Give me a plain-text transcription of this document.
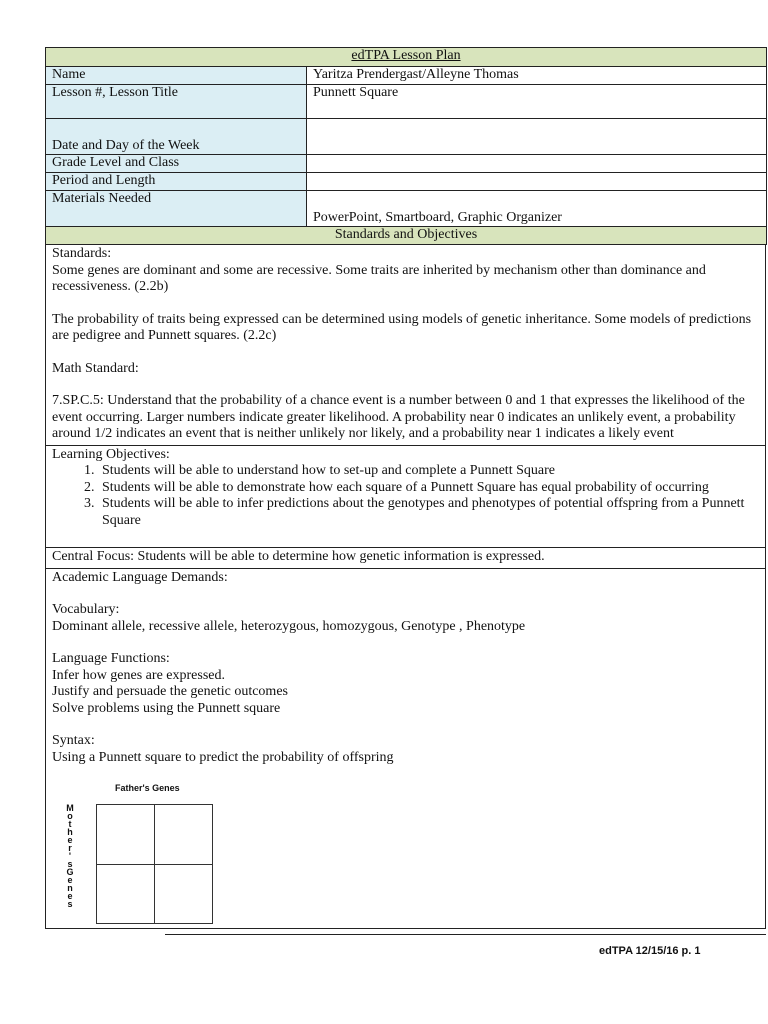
edTPA Lesson Plan	
Name	Yaritza Prendergast/Alleyne Thomas
Lesson #, Lesson Title	Punnett Square
Date and Day of the Week	
Grade Level and Class	
Period and Length	
Materials Needed	PowerPoint, Smartboard, Graphic Organizer
Standards and Objectives	

Standards:

Some genes are dominant and some are recessive. Some traits are inherited by mechanism other than dominance and recessiveness. (2.2b)

The probability of traits being expressed can be determined using models of genetic inheritance. Some models of predictions are pedigree and Punnett squares. (2.2c)

Math Standard:

7.SP.C.5: Understand that the probability of a chance event is a number between 0 and 1 that expresses the likelihood of the event occurring. Larger numbers indicate greater likelihood. A probability near 0 indicates an unlikely event, a probability around 1/2 indicates an event that is neither unlikely nor likely, and a probability near 1 indicates a likely event

Learning Objectives:

1. Students will be able to understand how to set-up and complete a Punnett Square
2. Students will be able to demonstrate how each square of a Punnett Square has equal probability of occurring
3. Students will be able to infer predictions about the genotypes and phenotypes of potential offspring from a Punnett Square

Central Focus: Students will be able to determine how genetic information is expressed.

Academic Language Demands:

Vocabulary:

Dominant allele, recessive allele, heterozygous, homozygous, Genotype , Phenotype

Language Functions:

Infer how genes are expressed.

Justify and persuade the genetic outcomes

Solve problems using the Punnett square

Syntax:

Using a Punnett square to predict the probability of offspring

Father's Genes
M
o
t
h
e
r
'
s
G
e
n
e
s
edTPA 12/15/16 p. 1
